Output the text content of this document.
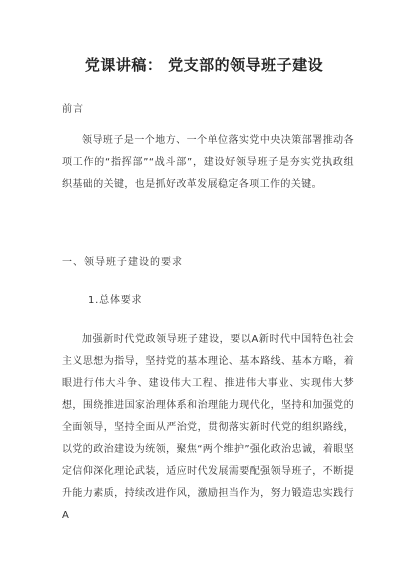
党课讲稿： 党支部的领导班子建设
前言

领导班子是一个地方、一个单位落实党中央决策部署推动各项工作的“指挥部”“战斗部”，建设好领导班子是夯实党执政组织基础的关键，也是抓好改革发展稳定各项工作的关键。

一、领导班子建设的要求
1.总体要求

加强新时代党政领导班子建设，要以A新时代中国特色社会主义思想为指导，坚持党的基本理论、基本路线、基本方略，着眼进行伟大斗争、建设伟大工程、推进伟大事业、实现伟大梦想，围绕推进国家治理体系和治理能力现代化，坚持和加强党的全面领导，坚持全面从严治党，贯彻落实新时代党的组织路线，以党的政治建设为统领，聚焦“两个维护”强化政治忠诚，着眼坚定信仰深化理论武装，适应时代发展需要配强领导班子，不断提升能力素质，持续改进作风，激励担当作为，努力锻造忠实践行A
